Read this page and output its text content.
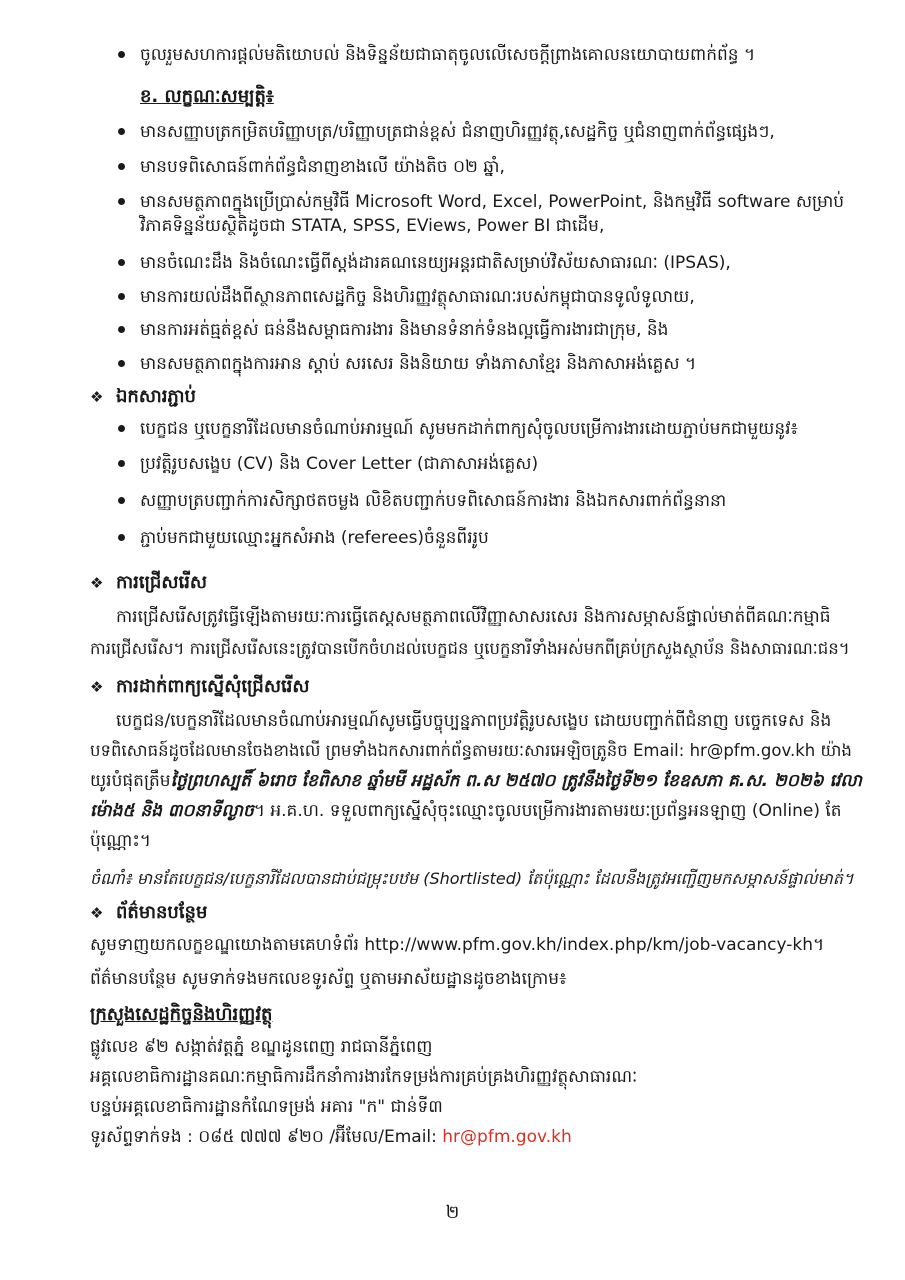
ចូលរួមសហការផ្ដល់មតិយោបល់ និងទិន្នន័យជាធាតុចូលលើសេចក្ដីព្រាងគោលនយោបាយពាក់ព័ន្ធ ។
ខ. លក្ខណៈសម្បត្តិ៖
មានសញ្ញាបត្រកម្រិតបរិញ្ញាបត្រ/បរិញ្ញាបត្រជាន់ខ្ពស់ ជំនាញហិរញ្ញវត្ថុ,សេដ្ឋកិច្ច ឬជំនាញពាក់ព័ន្ធផ្សេងៗ,
មានបទពិសោធន៍ពាក់ព័ន្ធជំនាញខាងលើ យ៉ាងតិច ០២ ឆ្នាំ,
មានសមត្ថភាពក្នុងប្រើប្រាស់កម្មវិធី Microsoft Word, Excel, PowerPoint, និងកម្មវិធី software សម្រាប់
វិភាគទិន្នន័យស្ថិតិដូចជា STATA, SPSS, EViews, Power BI ជាដើម,
មានចំណេះដឹង និងចំណេះធ្វើពីស្តង់ដារគណនេយ្យអន្តរជាតិសម្រាប់វិស័យសាធារណៈ (IPSAS),
មានការយល់ដឹងពីស្ថានភាពសេដ្ឋកិច្ច និងហិរញ្ញវត្ថុសាធារណៈរបស់កម្ពុជាបានទូលំទូលាយ,
មានការអត់ធ្មត់ខ្ពស់ ធន់នឹងសម្ពាធការងារ និងមានទំនាក់ទំនងល្អធ្វើការងារជាក្រុម, និង
មានសមត្ថភាពក្នុងការអាន ស្ដាប់ សរសេរ និងនិយាយ ទាំងភាសាខ្មែរ និងភាសាអង់គ្លេស ។
❖ ឯកសារភ្ជាប់
បេក្ខជន ឬបេក្ខនារីដែលមានចំណាប់អារម្មណ៍ សូមមកដាក់ពាក្យសុំចូលបម្រើការងារដោយភ្ជាប់មកជាមួយនូវ៖
ប្រវត្តិរូបសង្ខេប (CV) និង Cover Letter (ជាភាសាអង់គ្លេស)
សញ្ញាបត្របញ្ជាក់ការសិក្សាថតចម្លង លិខិតបញ្ជាក់បទពិសោធន៍ការងារ និងឯកសារពាក់ព័ន្ធនានា
ភ្ជាប់មកជាមួយឈ្មោះអ្នកសំអាង (referees)ចំនួនពីររូប
❖ ការជ្រើសរើស
ការជ្រើសរើសត្រូវធ្វើឡើងតាមរយៈការធ្វើតេស្តសមត្ថភាពលើវិញ្ញាសាសរសេរ និងការសម្ភាសន៍ផ្ទាល់មាត់ពីគណៈកម្មាធិ
ការជ្រើសរើស។ ការជ្រើសរើសនេះត្រូវបានបើកចំហដល់បេក្ខជន ឬបេក្ខនារីទាំងអស់មកពីគ្រប់ក្រសួងស្ថាប័ន និងសាធារណៈជន។
❖ ការដាក់ពាក្យស្នើសុំជ្រើសរើស
បេក្ខជន/បេក្ខនារីដែលមានចំណាប់អារម្មណ៍សូមធ្វើបច្ចុប្បន្នភាពប្រវត្តិរូបសង្ខេប ដោយបញ្ជាក់ពីជំនាញ បច្ចេកទេស និង
បទពិសោធន៍ដូចដែលមានចែងខាងលើ ព្រមទាំងឯកសារពាក់ព័ន្ធតាមរយៈសារអេឡិចត្រូនិច Email: hr@pfm.gov.kh យ៉ាង
យូរបំផុតត្រឹមថ្ងៃព្រហស្បតិ៍ ៦រោច ខែពិសាខ ឆ្នាំមមី អដ្ឋស័ក ព.ស ២៥៧០ ត្រូវនឹងថ្ងៃទី២១ ខែឧសភា គ.ស. ២០២៦ វេលា
ម៉ោង៥ និង ៣០នាទីល្ងាច។ អ.គ.ហ. ទទួលពាក្យស្នើសុំចុះឈ្មោះចូលបម្រើការងារតាមរយៈប្រព័ន្ធអនឡាញ (Online) តែ
ប៉ុណ្ណោះ។
ចំណាំ៖ មានតែបេក្ខជន/បេក្ខនារីដែលបានជាប់ជម្រុះបឋម (Shortlisted) តែប៉ុណ្ណោះ ដែលនឹងត្រូវអញ្ជើញមកសម្ភាសន៍ផ្ទាល់មាត់។
❖ ព័ត៌មានបន្ថែម
សូមទាញយកលក្ខខណ្ឌយោងតាមគេហទំព័រ http://www.pfm.gov.kh/index.php/km/job-vacancy-kh។
ព័ត៌មានបន្ថែម សូមទាក់ទងមកលេខទូរស័ព្ទ ឬតាមអាស័យដ្ឋានដូចខាងក្រោម៖
ក្រសួងសេដ្ឋកិច្ចនិងហិរញ្ញវត្ថុ
ផ្លូវលេខ ៩២ សង្កាត់វត្តភ្នំ ខណ្ឌដូនពេញ រាជធានីភ្នំពេញ
អគ្គលេខាធិការដ្ឋានគណៈកម្មាធិការដឹកនាំការងារកែទម្រង់ការគ្រប់គ្រងហិរញ្ញវត្ថុសាធារណៈ
បន្ទប់អគ្គលេខាធិការដ្ឋានកំណែទម្រង់ អគារ "ក" ជាន់ទី៣
ទូរស័ព្ទទាក់ទង : ០៨៥ ៧៧៧ ៩២០ /អ៊ីមែល/Email: hr@pfm.gov.kh
២
